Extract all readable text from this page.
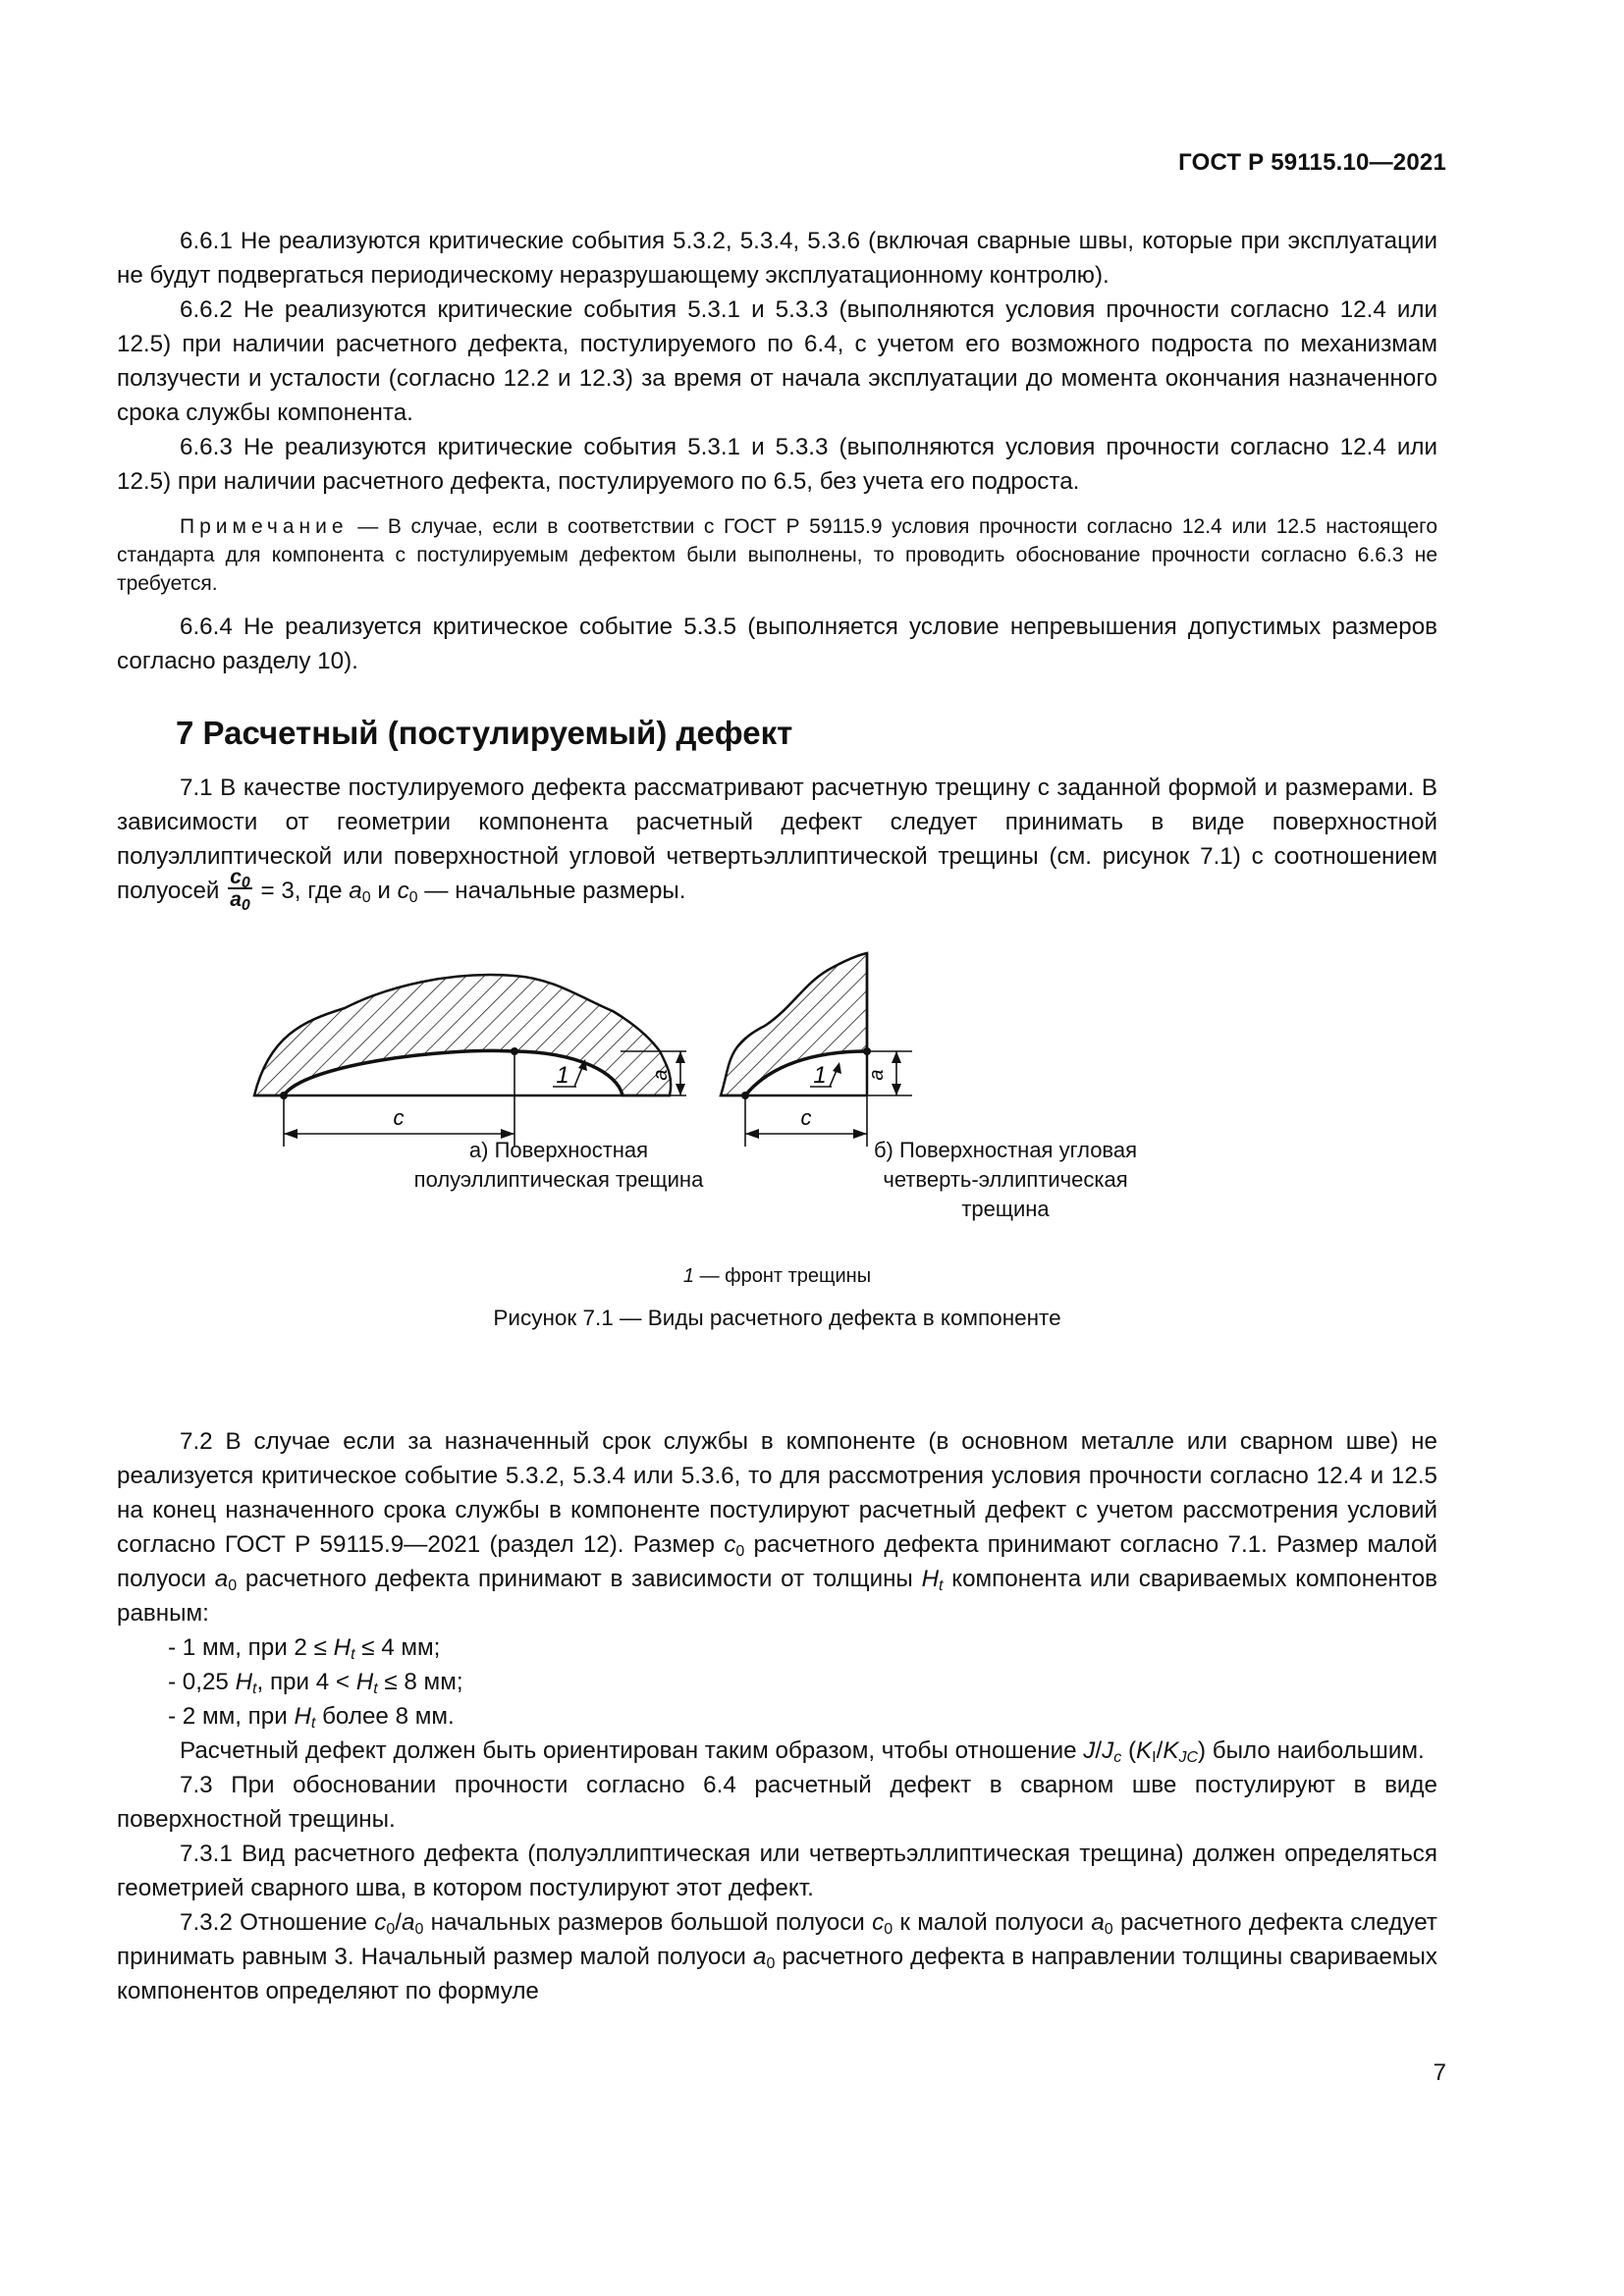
ГОСТ Р 59115.10—2021

6.6.1 Не реализуются критические события 5.3.2, 5.3.4, 5.3.6 (включая сварные швы, которые при эксплуатации не будут подвергаться периодическому неразрушающему эксплуатационному контролю).

6.6.2 Не реализуются критические события 5.3.1 и 5.3.3 (выполняются условия прочности согласно 12.4 или 12.5) при наличии расчетного дефекта, постулируемого по 6.4, с учетом его возможного подроста по механизмам ползучести и усталости (согласно 12.2 и 12.3) за время от начала эксплуатации до момента окончания назначенного срока службы компонента.

6.6.3 Не реализуются критические события 5.3.1 и 5.3.3 (выполняются условия прочности согласно 12.4 или 12.5) при наличии расчетного дефекта, постулируемого по 6.5, без учета его подроста.

Примечание — В случае, если в соответствии с ГОСТ Р 59115.9 условия прочности согласно 12.4 или 12.5 настоящего стандарта для компонента с постулируемым дефектом были выполнены, то проводить обоснование прочности согласно 6.6.3 не требуется.

6.6.4 Не реализуется критическое событие 5.3.5 (выполняется условие непревышения допустимых размеров согласно разделу 10).

7 Расчетный (постулируемый) дефект

7.1 В качестве постулируемого дефекта рассматривают расчетную трещину с заданной формой и размерами. В зависимости от геометрии компонента расчетный дефект следует принимать в виде поверхностной полуэллиптической или поверхностной угловой четвертьэллиптической трещины (см. рисунок 7.1) с соотношением полуосей $\frac{c_0}{a_0} = 3$, где $a_0$ и $c_0$ — начальные размеры.

c
a
1
c
a
1
а) Поверхностная полуэллиптическая трещина
б) Поверхностная угловая четверть-эллиптическая трещина
1 — фронт трещины
Рисунок 7.1 — Виды расчетного дефекта в компоненте

7.2 В случае если за назначенный срок службы в компоненте (в основном металле или сварном шве) не реализуется критическое событие 5.3.2, 5.3.4 или 5.3.6, то для рассмотрения условия прочности согласно 12.4 и 12.5 на конец назначенного срока службы в компоненте постулируют расчетный дефект с учетом рассмотрения условий согласно ГОСТ Р 59115.9—2021 (раздел 12). Размер $c_0$ расчетного дефекта принимают согласно 7.1. Размер малой полуоси $a_0$ расчетного дефекта принимают в зависимости от толщины $H_t$ компонента или свариваемых компонентов равным:

- 1 мм, при $2 \le H_t \le 4$ мм;

- 0,25 $H_t$, при $4 < H_t \le 8$ мм;

- 2 мм, при $H_t$ более 8 мм.

Расчетный дефект должен быть ориентирован таким образом, чтобы отношение $J/J_c$ $(K_I/K_{JC})$ было наибольшим.

7.3 При обосновании прочности согласно 6.4 расчетный дефект в сварном шве постулируют в виде поверхностной трещины.

7.3.1 Вид расчетного дефекта (полуэллиптическая или четвертьэллиптическая трещина) должен определяться геометрией сварного шва, в котором постулируют этот дефект.

7.3.2 Отношение $c_0/a_0$ начальных размеров большой полуоси $c_0$ к малой полуоси $a_0$ расчетного дефекта следует принимать равным 3. Начальный размер малой полуоси $a_0$ расчетного дефекта в направлении толщины свариваемых компонентов определяют по формуле

7
